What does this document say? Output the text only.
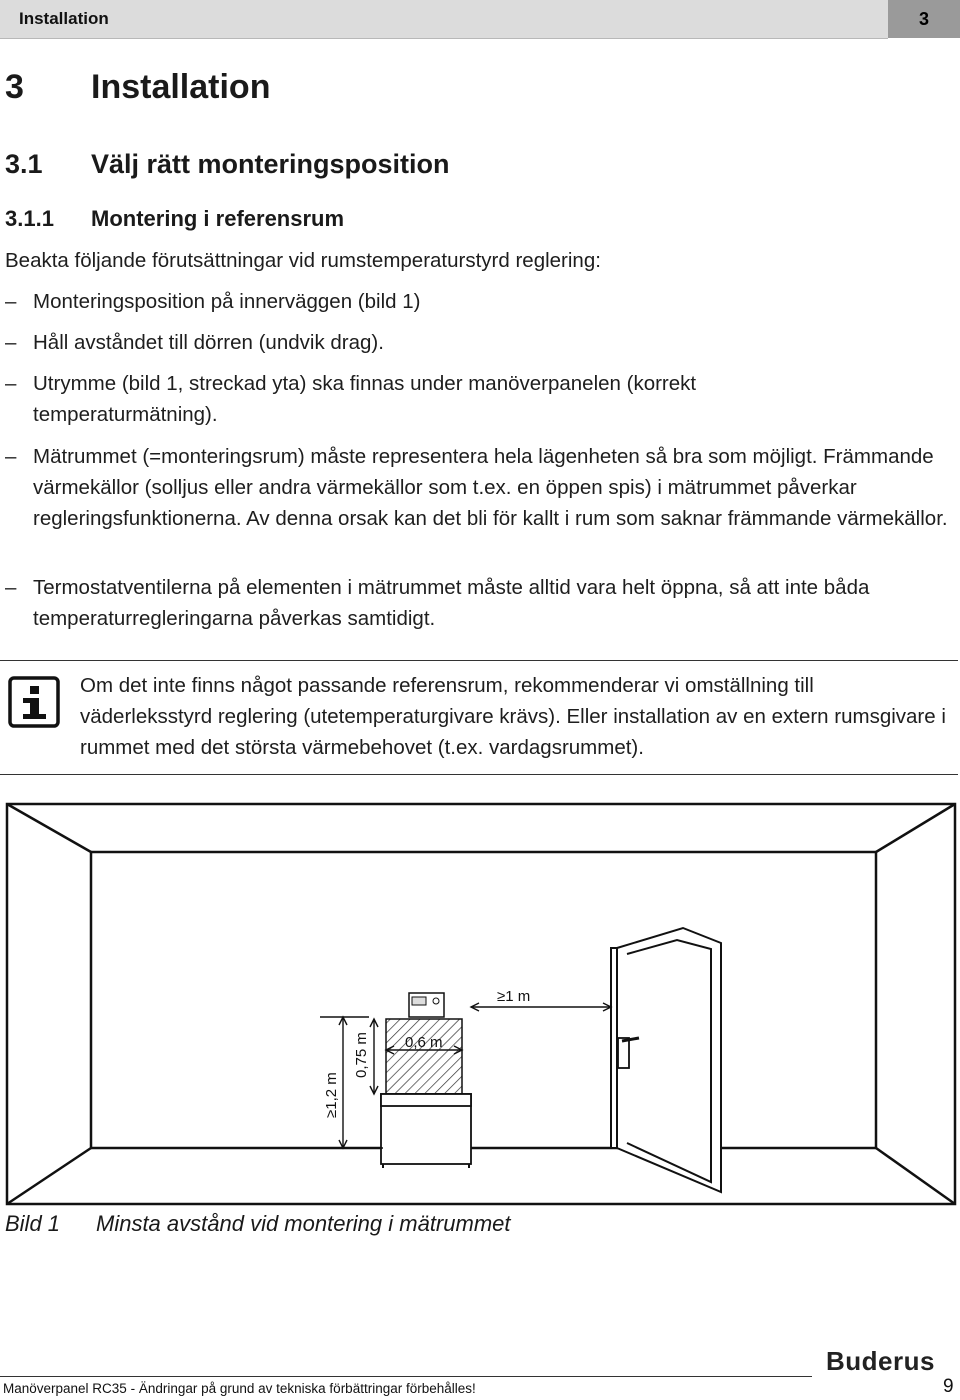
Installation	3
3 Installation
3.1 Välj rätt monteringsposition
3.1.1 Montering i referensrum
Beakta följande förutsättningar vid rumstemperaturstyrd reglering:
– Monteringsposition på innerväggen (bild 1)
– Håll avståndet till dörren (undvik drag).
– Utrymme (bild 1, streckad yta) ska finnas under manöverpanelen (korrekt temperaturmätning).
– Mätrummet (=monteringsrum) måste representera hela lägenheten så bra som möjligt. Främmande värmekällor (solljus eller andra värmekällor som t.ex. en öppen spis) i mätrummet påverkar regleringsfunktionerna. Av denna orsak kan det bli för kallt i rum som saknar främmande värmekällor.
– Termostatventilerna på elementen i mätrummet måste alltid vara helt öppna, så att inte båda temperaturregleringarna påverkas samtidigt.
Om det inte finns något passande referensrum, rekommenderar vi omställning till väderleksstyrd reglering (utetemperaturgivare krävs). Eller installation av en extern rumsgivare i rummet med det största värmebehovet (t.ex. vardagsrummet).
≥1 m
0,6 m
0,75 m
≥1,2 m
Bild 1 Minsta avstånd vid montering i mätrummet
Buderus
Manöverpanel RC35 - Ändringar på grund av tekniska förbättringar förbehålles!	9
